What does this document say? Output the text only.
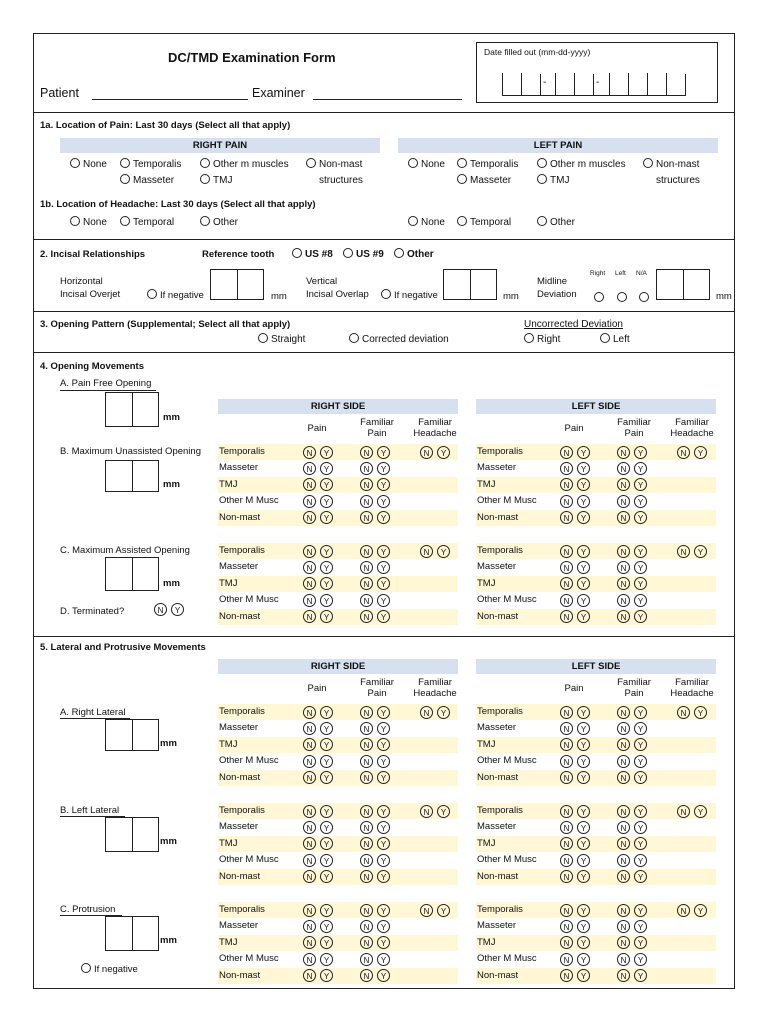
DC/TMD Examination Form
Patient	Examiner
Date filled out (mm-dd-yyyy)
-	-
1a. Location of Pain: Last 30 days (Select all that apply)
RIGHT PAIN	LEFT PAIN
None	Temporalis	Other m muscles	Non-mast
Masseter	TMJ	structures
None	Temporalis	Other m muscles	Non-mast
Masseter	TMJ	structures
1b. Location of Headache: Last 30 days (Select all that apply)
None	Temporal	Other	None	Temporal	Other
2. Incisal Relationships	Reference tooth	US #8	US #9	Other
Horizontal
Incisal Overjet	If negative	mm
Vertical
Incisal Overlap	If negative	mm
Midline
Deviation
Right Left N/A
mm
3. Opening Pattern (Supplemental; Select all that apply)
Straight	Corrected deviation
Uncorrected Deviation
Right	Left
4. Opening Movements
A. Pain Free Opening
mm
B. Maximum Unassisted Opening
mm
C. Maximum Assisted Opening
mm
D. Terminated?	N	Y
5. Lateral and Protrusive Movements
A. Right Lateral
mm
B. Left Lateral
mm
C. Protrusion
mm
If negative
RIGHT SIDE
Pain
Familiar
Pain
Familiar
Headache
LEFT SIDE
Pain
Familiar
Pain
Familiar
Headache
RIGHT SIDE
Pain
Familiar
Pain
Familiar
Headache
LEFT SIDE
Pain
Familiar
Pain
Familiar
Headache
Temporalis	N	Y	N	Y	N	Y
Masseter	N	Y	N	Y
TMJ	N	Y	N	Y
Other M Musc	N	Y	N	Y
Non-mast	N	Y	N	Y
Temporalis	N	Y	N	Y	N	Y
Masseter	N	Y	N	Y
TMJ	N	Y	N	Y
Other M Musc	N	Y	N	Y
Non-mast	N	Y	N	Y
Temporalis	N	Y	N	Y	N	Y
Masseter	N	Y	N	Y
TMJ	N	Y	N	Y
Other M Musc	N	Y	N	Y
Non-mast	N	Y	N	Y
Temporalis	N	Y	N	Y	N	Y
Masseter	N	Y	N	Y
TMJ	N	Y	N	Y
Other M Musc	N	Y	N	Y
Non-mast	N	Y	N	Y
Temporalis	N	Y	N	Y	N	Y
Masseter	N	Y	N	Y
TMJ	N	Y	N	Y
Other M Musc	N	Y	N	Y
Non-mast	N	Y	N	Y
Temporalis	N	Y	N	Y	N	Y
Masseter	N	Y	N	Y
TMJ	N	Y	N	Y
Other M Musc	N	Y	N	Y
Non-mast	N	Y	N	Y
Temporalis	N	Y	N	Y	N	Y
Masseter	N	Y	N	Y
TMJ	N	Y	N	Y
Other M Musc	N	Y	N	Y
Non-mast	N	Y	N	Y
Temporalis	N	Y	N	Y	N	Y
Masseter	N	Y	N	Y
TMJ	N	Y	N	Y
Other M Musc	N	Y	N	Y
Non-mast	N	Y	N	Y
Temporalis	N	Y	N	Y	N	Y
Masseter	N	Y	N	Y
TMJ	N	Y	N	Y
Other M Musc	N	Y	N	Y
Non-mast	N	Y	N	Y
Temporalis	N	Y	N	Y	N	Y
Masseter	N	Y	N	Y
TMJ	N	Y	N	Y
Other M Musc	N	Y	N	Y
Non-mast	N	Y	N	Y
